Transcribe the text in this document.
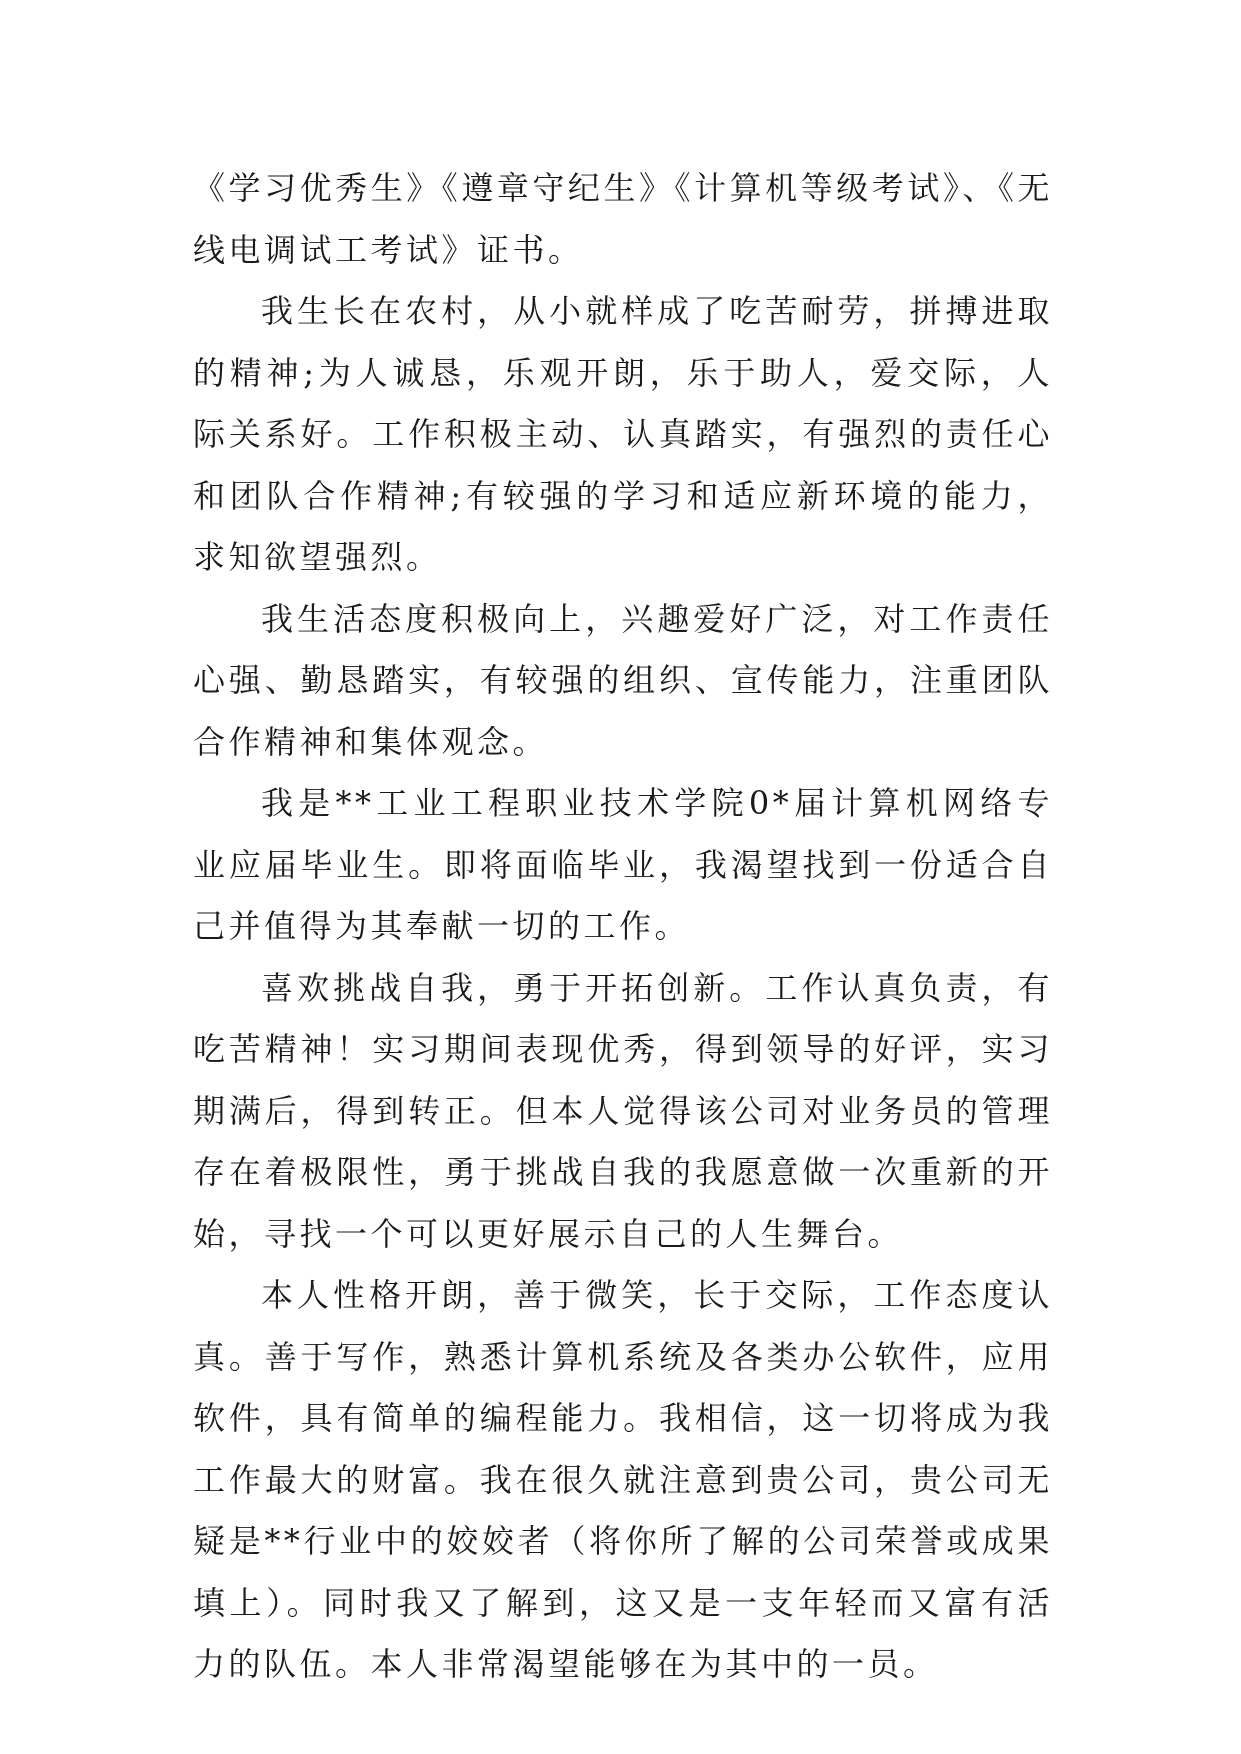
《学习优秀生》《遵章守纪生》《计算机等级考试》、《无线电调试工考试》证书。

我生长在农村，从小就样成了吃苦耐劳，拼搏进取的精神;为人诚恳，乐观开朗，乐于助人，爱交际，人际关系好。工作积极主动、认真踏实，有强烈的责任心和团队合作精神;有较强的学习和适应新环境的能力，求知欲望强烈。

我生活态度积极向上，兴趣爱好广泛，对工作责任心强、勤恳踏实，有较强的组织、宣传能力，注重团队合作精神和集体观念。

我是**工业工程职业技术学院0*届计算机网络专业应届毕业生。即将面临毕业，我渴望找到一份适合自己并值得为其奉献一切的工作。

喜欢挑战自我，勇于开拓创新。工作认真负责，有吃苦精神！实习期间表现优秀，得到领导的好评，实习期满后，得到转正。但本人觉得该公司对业务员的管理存在着极限性，勇于挑战自我的我愿意做一次重新的开始，寻找一个可以更好展示自己的人生舞台。

本人性格开朗，善于微笑，长于交际，工作态度认真。善于写作，熟悉计算机系统及各类办公软件，应用软件，具有简单的编程能力。我相信，这一切将成为我工作最大的财富。我在很久就注意到贵公司，贵公司无疑是**行业中的姣姣者（将你所了解的公司荣誉或成果填上）。同时我又了解到，这又是一支年轻而又富有活力的队伍。本人非常渴望能够在为其中的一员。
